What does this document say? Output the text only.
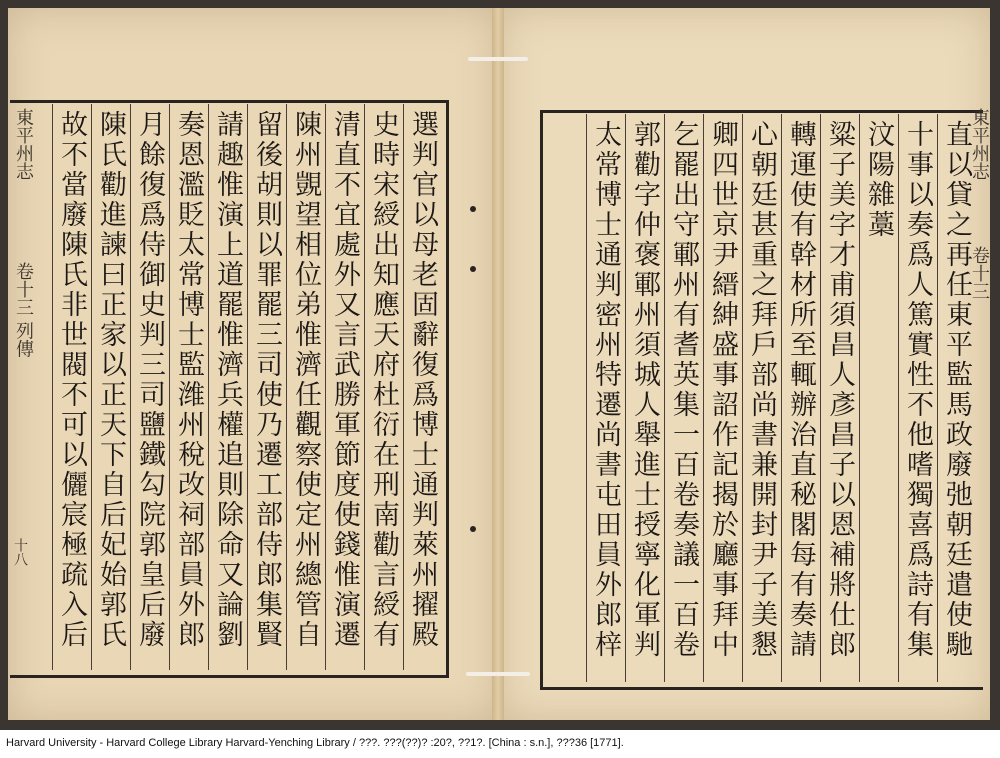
東平州志
卷十三 列傳
十八
東平州志
卷十三
選判官以母老固辭復爲博士通判萊州擢殿
史時宋綬出知應天府杜衍在刑南勸言綬有
清直不宜處外又言武勝軍節度使錢惟演遷
陳州覬望相位弟惟濟任觀察使定州總管自
留後胡則以罪罷三司使乃遷工部侍郎集賢
請趣惟演上道罷惟濟兵權追則除命又論劉
奏恩濫貶太常博士監潍州稅改祠部員外郎
月餘復爲侍御史判三司鹽鐵勾院郭皇后廢
陳氏勸進諫曰正家以正天下自后妃始郭氏
故不當廢陳氏非世閥不可以儷宸極疏入后
直以貸之再任東平監馬政廢弛朝廷遣使馳
十事以奏爲人篤實性不他嗜獨喜爲詩有集
汶陽雜藁
粱子美字才甫須昌人彥昌子以恩補將仕郎
轉運使有幹材所至輒辦治直秘閣每有奏請
心朝廷甚重之拜戶部尚書兼開封尹子美懇
卿四世京尹縉紳盛事詔作記揭於廳事拜中
乞罷出守鄆州有耆英集一百卷奏議一百卷
郭勸字仲褒鄆州須城人舉進士授寧化軍判
太常博士通判密州特遷尚書屯田員外郎梓
Harvard University - Harvard College Library Harvard-Yenching Library / ???. ???(??)? :20?, ??1?. [China : s.n.], ???36 [1771].
